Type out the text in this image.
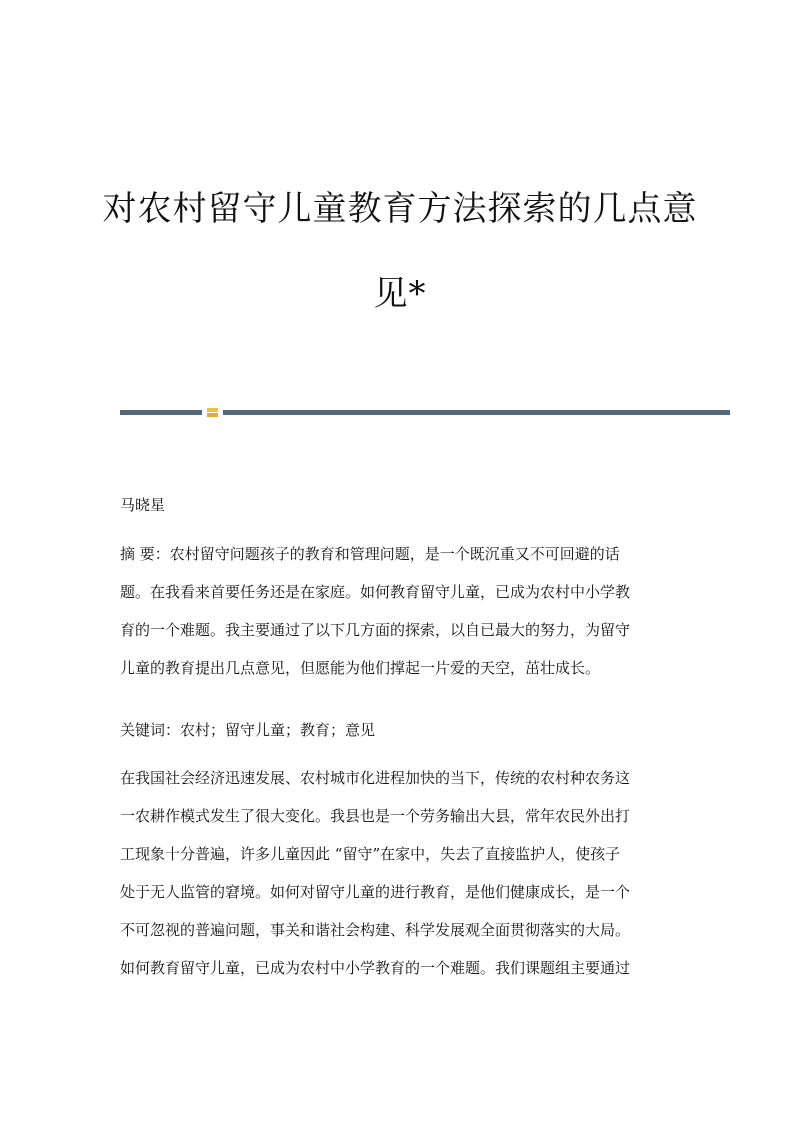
对农村留守儿童教育方法探索的几点意
见*
马晓星
摘 要：农村留守问题孩子的教育和管理问题，是一个既沉重又不可回避的话
题。在我看来首要任务还是在家庭。如何教育留守儿童，已成为农村中小学教
育的一个难题。我主要通过了以下几方面的探索，以自已最大的努力，为留守
儿童的教育提出几点意见，但愿能为他们撑起一片爱的天空，茁壮成长。
关键词：农村；留守儿童；教育；意见
在我国社会经济迅速发展、农村城市化进程加快的当下，传统的农村种农务这
一农耕作模式发生了很大变化。我县也是一个劳务输出大县，常年农民外出打
工现象十分普遍，许多儿童因此 “留守”在家中，失去了直接监护人，使孩子
处于无人监管的窘境。如何对留守儿童的进行教育，是他们健康成长，是一个
不可忽视的普遍问题，事关和谐社会构建、科学发展观全面贯彻落实的大局。
如何教育留守儿童，已成为农村中小学教育的一个难题。我们课题组主要通过
